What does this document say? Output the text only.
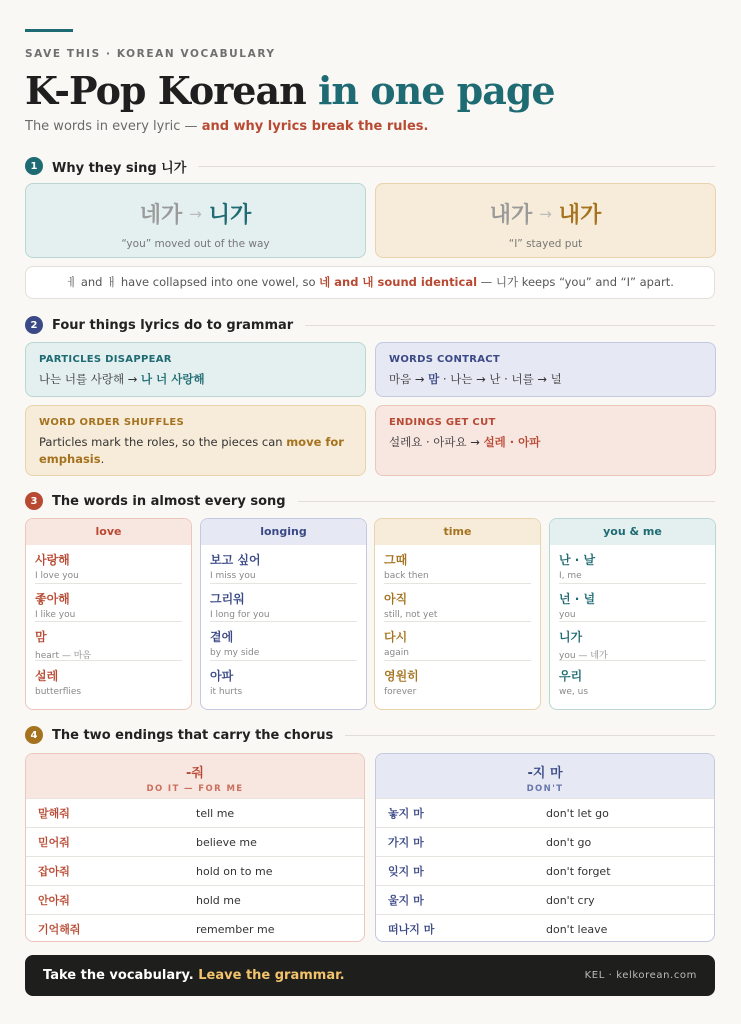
SAVE THIS · KOREAN VOCABULARY
K-Pop Korean in one page
The words in every lyric — and why lyrics break the rules.
1	Why they sing 니가
네가 → 니가
“you” moved out of the way
내가 → 내가
“I” stayed put
ㅔ and ㅐ have collapsed into one vowel, so 네 and 내 sound identical — 니가 keeps “you” and “I” apart.
2	Four things lyrics do to grammar
PARTICLES DISAPPEAR
나는 너를 사랑해 → 나 너 사랑해
WORDS CONTRACT
마음 → 맘 · 나는 → 난 · 너를 → 널
WORD ORDER SHUFFLES
Particles mark the roles, so the pieces can move for emphasis.
ENDINGS GET CUT
설레요 · 아파요 → 설레 · 아파
3	The words in almost every song
love
사랑해
I love you
좋아해
I like you
맘
heart — 마음
설레
butterflies
longing
보고 싶어
I miss you
그리워
I long for you
곁에
by my side
아파
it hurts
time
그때
back then
아직
still, not yet
다시
again
영원히
forever
you & me
난 · 날
I, me
넌 · 널
you
니가
you — 네가
우리
we, us
4	The two endings that carry the chorus
-줘
DO IT — FOR ME
말해줘	tell me
믿어줘	believe me
잡아줘	hold on to me
안아줘	hold me
기억해줘	remember me
-지 마
DON'T
놓지 마	don't let go
가지 마	don't go
잊지 마	don't forget
울지 마	don't cry
떠나지 마	don't leave
Take the vocabulary. Leave the grammar.	KEL · kelkorean.com
